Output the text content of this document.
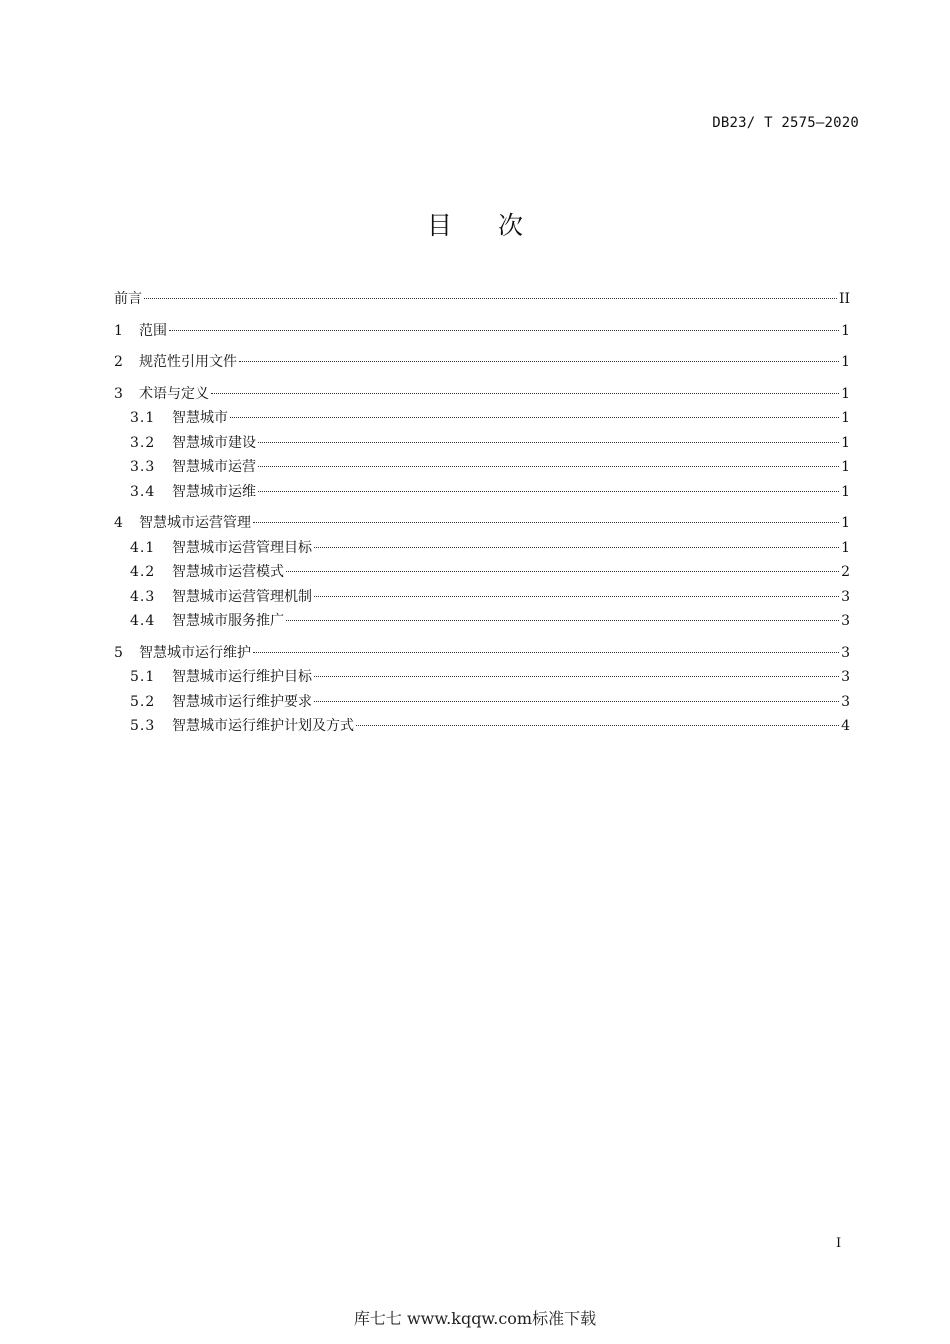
DB23/ T 2575—2020
目次
前言	II
1	范围	1
2	规范性引用文件	1
3	术语与定义	1
3.1	智慧城市	1
3.2	智慧城市建设	1
3.3	智慧城市运营	1
3.4	智慧城市运维	1
4	智慧城市运营管理	1
4.1	智慧城市运营管理目标	1
4.2	智慧城市运营模式	2
4.3	智慧城市运营管理机制	3
4.4	智慧城市服务推广	3
5	智慧城市运行维护	3
5.1	智慧城市运行维护目标	3
5.2	智慧城市运行维护要求	3
5.3	智慧城市运行维护计划及方式	4
I
库七七 www.kqqw.com标准下载
